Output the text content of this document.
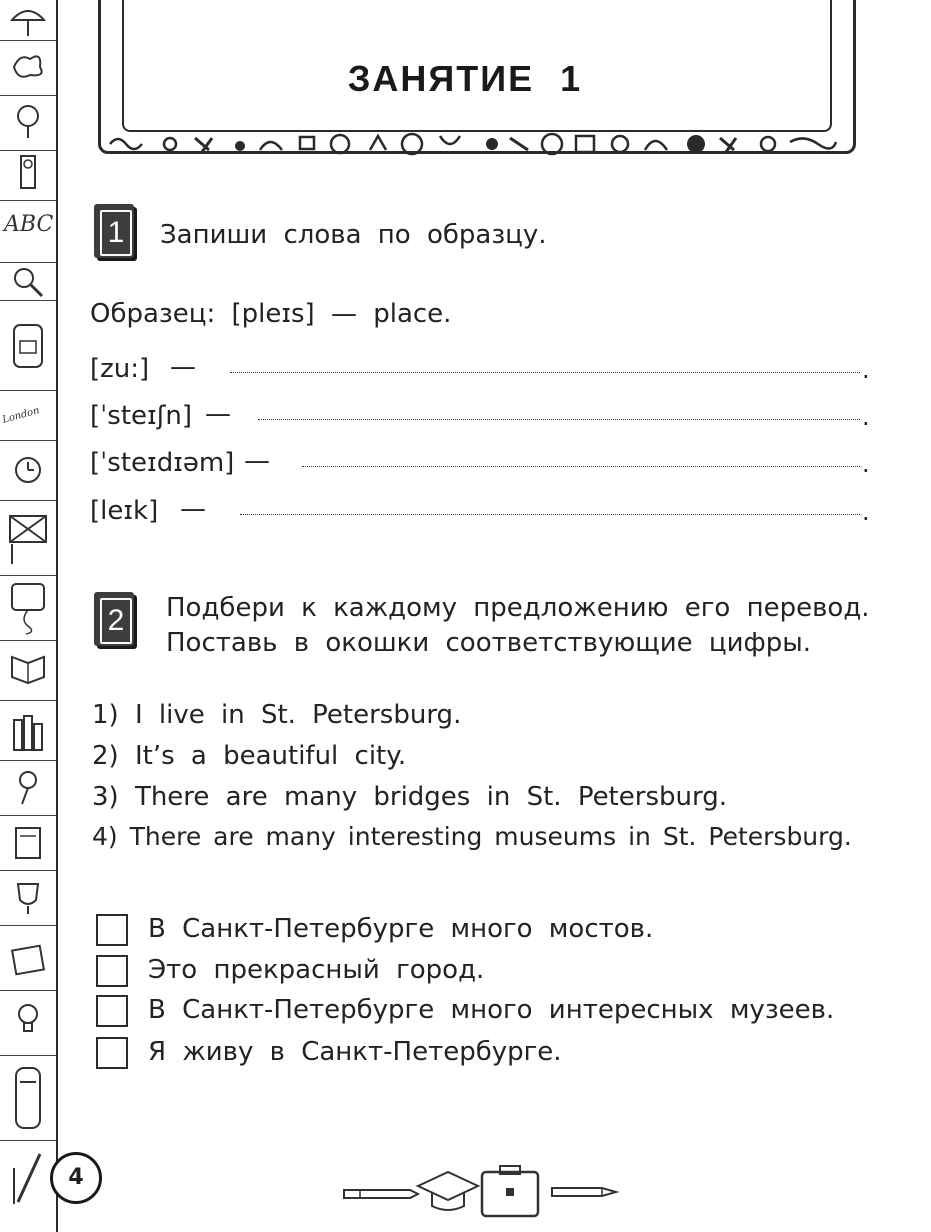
ABC
London
ЗАНЯТИЕ 1
1 Запиши слова по образцу.
Образец: [pleɪs] — place.
[zu:] —	.
[ˈsteɪʃn] —	.
[ˈsteɪdɪəm] —	.
[leɪk] —	.
2 Подбери к каждому предложению его перевод.
Поставь в окошки соответствующие цифры.
1) I live in St. Petersburg.
2) It’s a beautiful city.
3) There are many bridges in St. Petersburg.
4) There are many interesting museums in St. Petersburg.
В Санкт-Петербурге много мостов.
Это прекрасный город.
В Санкт-Петербурге много интересных музеев.
Я живу в Санкт-Петербурге.
4
